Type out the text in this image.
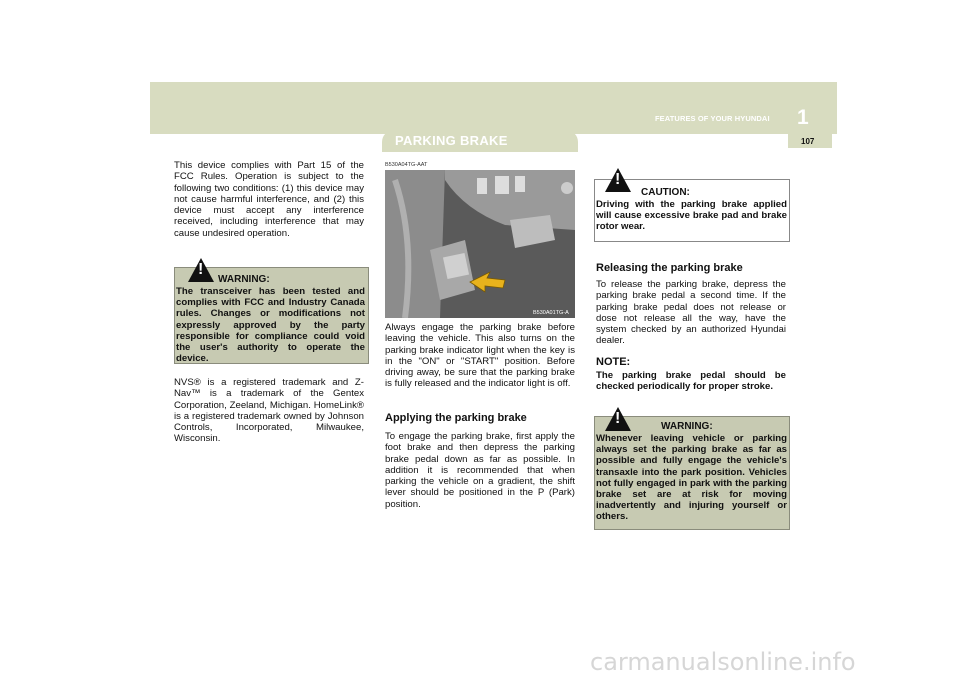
FEATURES OF YOUR HYUNDAI 1
107
PARKING BRAKE

This device complies with Part 15 of the FCC Rules. Operation is subject to the following two conditions: (1) this device may not cause harmful interference, and (2) this device must accept any interference received, including interference that may cause undesired operation.

!
WARNING:

The transceiver has been tested and complies with FCC and Industry Canada rules. Changes or modifications not expressly approved by the party responsible for compliance could void the user's authority to operate the device.

NVS® is a registered trademark and Z-Nav™ is a trademark of the Gentex Corporation, Zeeland, Michigan. HomeLink® is a registered trademark owned by Johnson Controls, Incorporated, Milwaukee, Wisconsin.

B530A04TG-AAT
B530A01TG-A

Always engage the parking brake before leaving the vehicle. This also turns on the parking brake indicator light when the key is in the "ON" or "START" position. Before driving away, be sure that the parking brake is fully released and the indicator light is off.

Applying the parking brake

To engage the parking brake, first apply the foot brake and then depress the parking brake pedal down as far as possible. In addition it is recommended that when parking the vehicle on a gradient, the shift lever should be positioned in the P (Park) position.

!
CAUTION:

Driving with the parking brake applied will cause excessive brake pad and brake rotor wear.

Releasing the parking brake

To release the parking brake, depress the parking brake pedal a second time. If the parking brake pedal does not release or dose not release all the way, have the system checked by an authorized Hyundai dealer.

NOTE:

The parking brake pedal should be checked periodically for proper stroke.

!	WARNING:

Whenever leaving vehicle or parking always set the parking brake as far as possible and fully engage the vehicle's transaxle into the park position. Vehicles not fully engaged in park with the parking brake set are at risk for moving inadvertently and injuring yourself or others.

carmanualsonline.info
